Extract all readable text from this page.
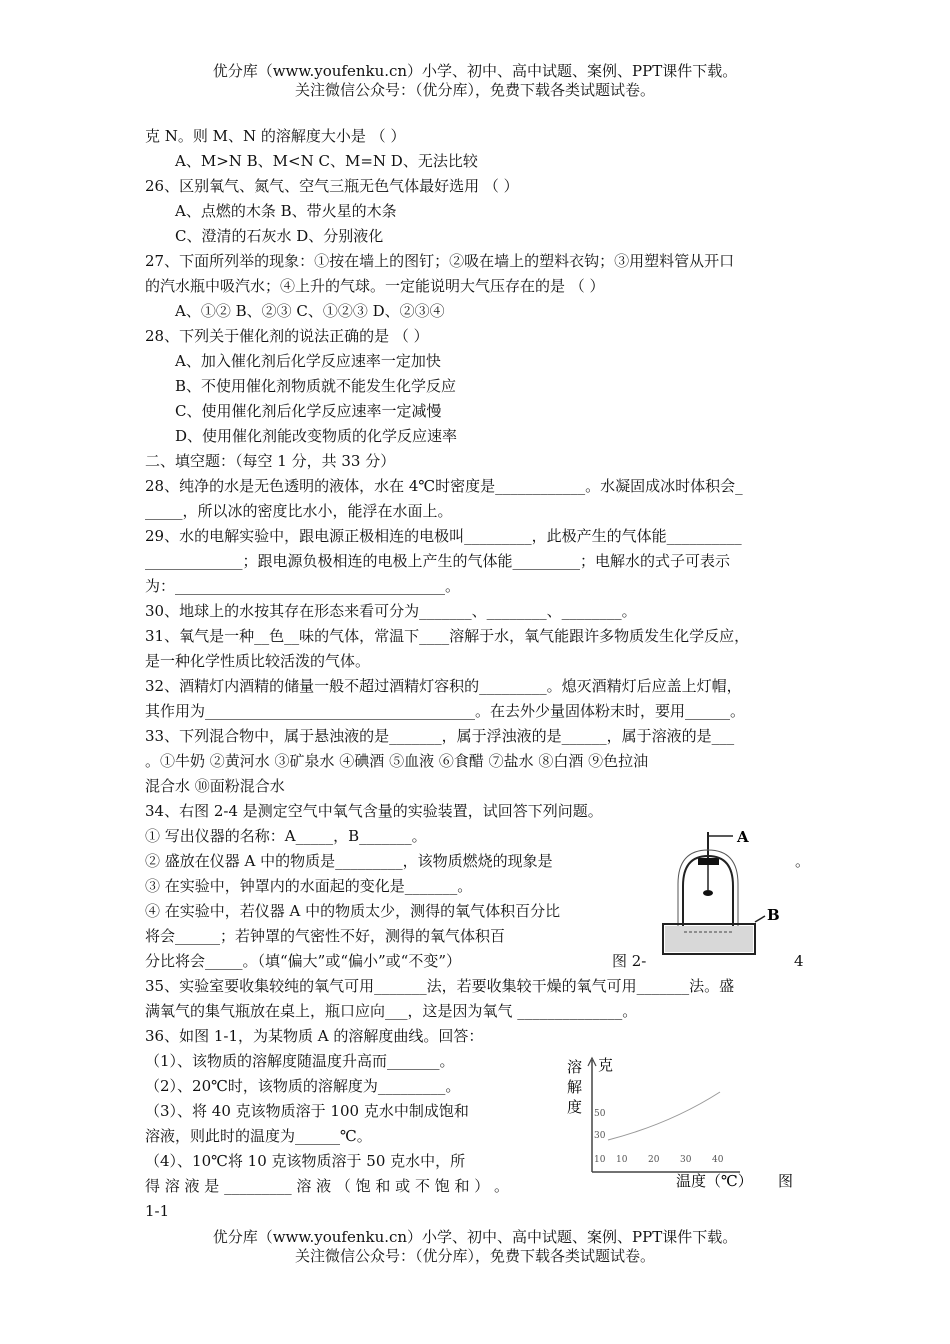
优分库（www.youfenku.cn）小学、初中、高中试题、案例、PPT课件下载。
关注微信公众号：（优分库），免费下载各类试题试卷。
克 N。则 M、N 的溶解度大小是 （ ）
A、M>N B、M<N C、M=N D、无法比较
26、区别氧气、氮气、空气三瓶无色气体最好选用 （ ）
A、点燃的木条 B、带火星的木条
C、澄清的石灰水 D、分别液化
27、下面所列举的现象：①按在墙上的图钉；②吸在墙上的塑料衣钩；③用塑料管从开口
的汽水瓶中吸汽水；④上升的气球。一定能说明大气压存在的是 （ ）
A、①② B、②③ C、①②③ D、②③④
28、下列关于催化剂的说法正确的是 （ ）
A、加入催化剂后化学反应速率一定加快
B、不使用催化剂物质就不能发生化学反应
C、使用催化剂后化学反应速率一定减慢
D、使用催化剂能改变物质的化学反应速率
二、填空题：（每空 1 分，共 33 分）
28、纯净的水是无色透明的液体，水在 4℃时密度是____________。水凝固成冰时体积会_
_____，所以冰的密度比水小，能浮在水面上。
29、水的电解实验中，跟电源正极相连的电极叫_________，此极产生的气体能__________
_____________；跟电源负极相连的电极上产生的气体能_________；电解水的式子可表示
为：____________________________________。
30、地球上的水按其存在形态来看可分为_______、________、________。
31、氧气是一种__色__味的气体，常温下____溶解于水，氧气能跟许多物质发生化学反应，
是一种化学性质比较活泼的气体。
32、酒精灯内酒精的储量一般不超过酒精灯容积的_________。熄灭酒精灯后应盖上灯帽，
其作用为____________________________________。在去外少量固体粉末时，要用______。
33、下列混合物中，属于悬浊液的是_______，属于浮浊液的是______，属于溶液的是___
。①牛奶 ②黄河水 ③矿泉水 ④碘酒 ⑤血液 ⑥食醋 ⑦盐水 ⑧白酒 ⑨色拉油
混合水 ⑩面粉混合水
34、右图 2-4 是测定空气中氧气含量的实验装置，试回答下列问题。
① 写出仪器的名称：A_____，B_______。
② 盛放在仪器 A 中的物质是_________，该物质燃烧的现象是	。
③ 在实验中，钟罩内的水面起的变化是_______。
④ 在实验中，若仪器 A 中的物质太少，测得的氧气体积百分比
将会______；若钟罩的气密性不好，测得的氧气体积百
分比将会_____。（填“偏大”或“偏小”或“不变”）	图 2-	4
35、实验室要收集较纯的氧气可用_______法，若要收集较干燥的氧气可用_______法。盛
满氧气的集气瓶放在桌上，瓶口应向___，这是因为氧气 ______________。
36、如图 1-1，为某物质 A 的溶解度曲线。回答：
（1）、该物质的溶解度随温度升高而_______。
（2）、20℃时，该物质的溶解度为_________。
（3）、将 40 克该物质溶于 100 克水中制成饱和
溶液，则此时的温度为______℃。
（4）、10℃将 10 克该物质溶于 50 克水中，所
得 溶 液 是 _________ 溶 液 （ 饱 和 或 不 饱 和 ） 。
1-1
A
B
溶
解
度
克
50
30
10 10 20 30 40
温度（℃） 图
优分库（www.youfenku.cn）小学、初中、高中试题、案例、PPT课件下载。
关注微信公众号：（优分库），免费下载各类试题试卷。
